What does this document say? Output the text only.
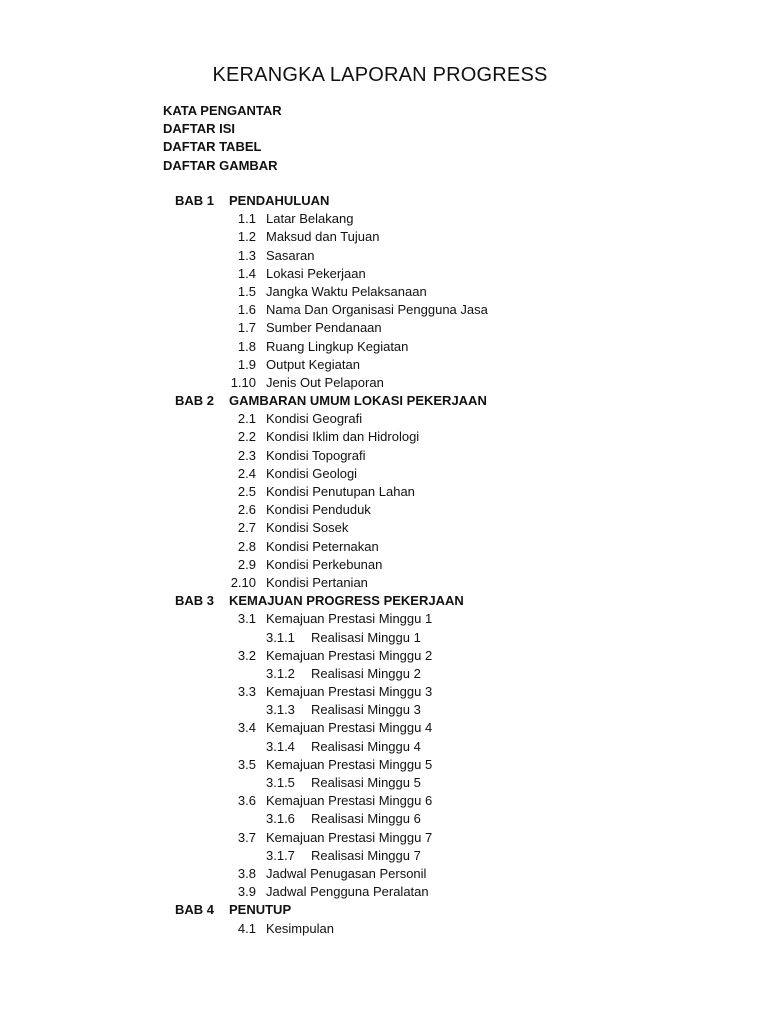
KERANGKA LAPORAN PROGRESS
KATA PENGANTAR
DAFTAR ISI
DAFTAR TABEL
DAFTAR GAMBAR
BAB 1 PENDAHULUAN
1.1 Latar Belakang
1.2 Maksud dan Tujuan
1.3 Sasaran
1.4 Lokasi Pekerjaan
1.5 Jangka Waktu Pelaksanaan
1.6 Nama Dan Organisasi Pengguna Jasa
1.7 Sumber Pendanaan
1.8 Ruang Lingkup Kegiatan
1.9 Output Kegiatan
1.10 Jenis Out Pelaporan
BAB 2 GAMBARAN UMUM LOKASI PEKERJAAN
2.1 Kondisi Geografi
2.2 Kondisi Iklim dan Hidrologi
2.3 Kondisi Topografi
2.4 Kondisi Geologi
2.5 Kondisi Penutupan Lahan
2.6 Kondisi Penduduk
2.7 Kondisi Sosek
2.8 Kondisi Peternakan
2.9 Kondisi Perkebunan
2.10 Kondisi Pertanian
BAB 3 KEMAJUAN PROGRESS PEKERJAAN
3.1 Kemajuan Prestasi Minggu 1
3.1.1 Realisasi Minggu 1
3.2 Kemajuan Prestasi Minggu 2
3.1.2 Realisasi Minggu 2
3.3 Kemajuan Prestasi Minggu 3
3.1.3 Realisasi Minggu 3
3.4 Kemajuan Prestasi Minggu 4
3.1.4 Realisasi Minggu 4
3.5 Kemajuan Prestasi Minggu 5
3.1.5 Realisasi Minggu 5
3.6 Kemajuan Prestasi Minggu 6
3.1.6 Realisasi Minggu 6
3.7 Kemajuan Prestasi Minggu 7
3.1.7 Realisasi Minggu 7
3.8 Jadwal Penugasan Personil
3.9 Jadwal Pengguna Peralatan
BAB 4 PENUTUP
4.1 Kesimpulan
